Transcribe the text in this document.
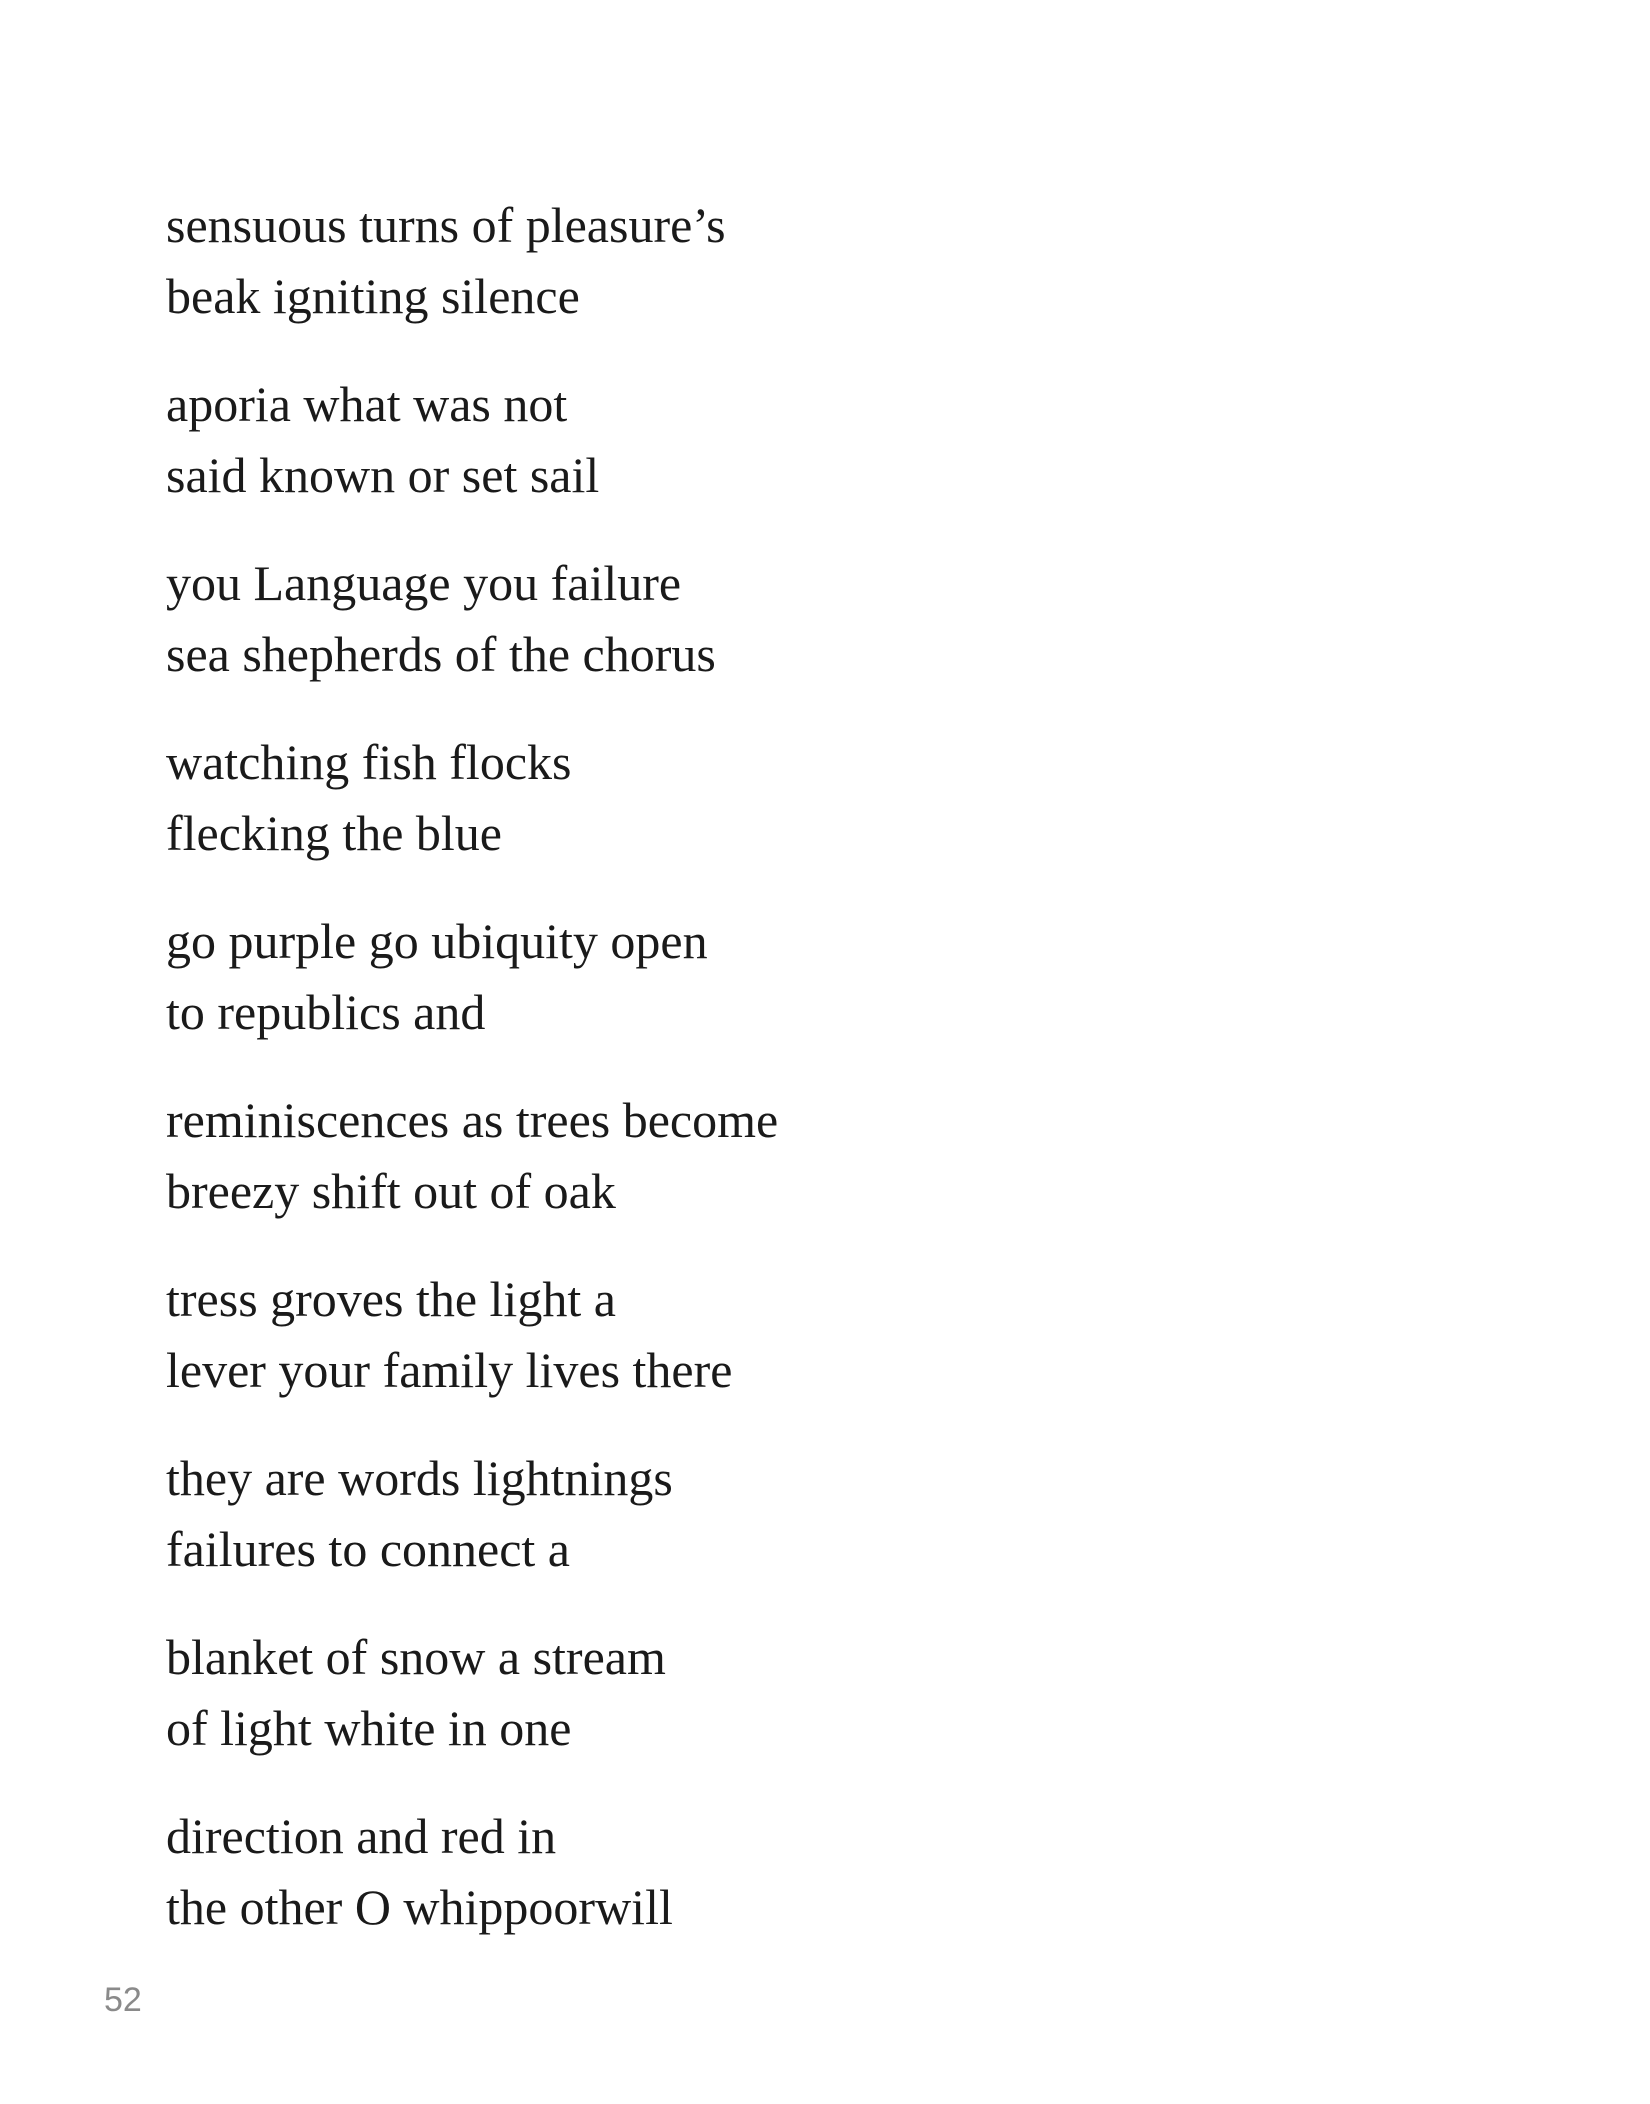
sensuous turns of pleasure’s
beak igniting silence
aporia what was not
said known or set sail
you Language you failure
sea shepherds of the chorus
watching fish flocks
flecking the blue
go purple go ubiquity open
to republics and
reminiscences as trees become
breezy shift out of oak
tress groves the light a
lever your family lives there
they are words lightnings
failures to connect a
blanket of snow a stream
of light white in one
direction and red in
the other O whippoorwill
52
